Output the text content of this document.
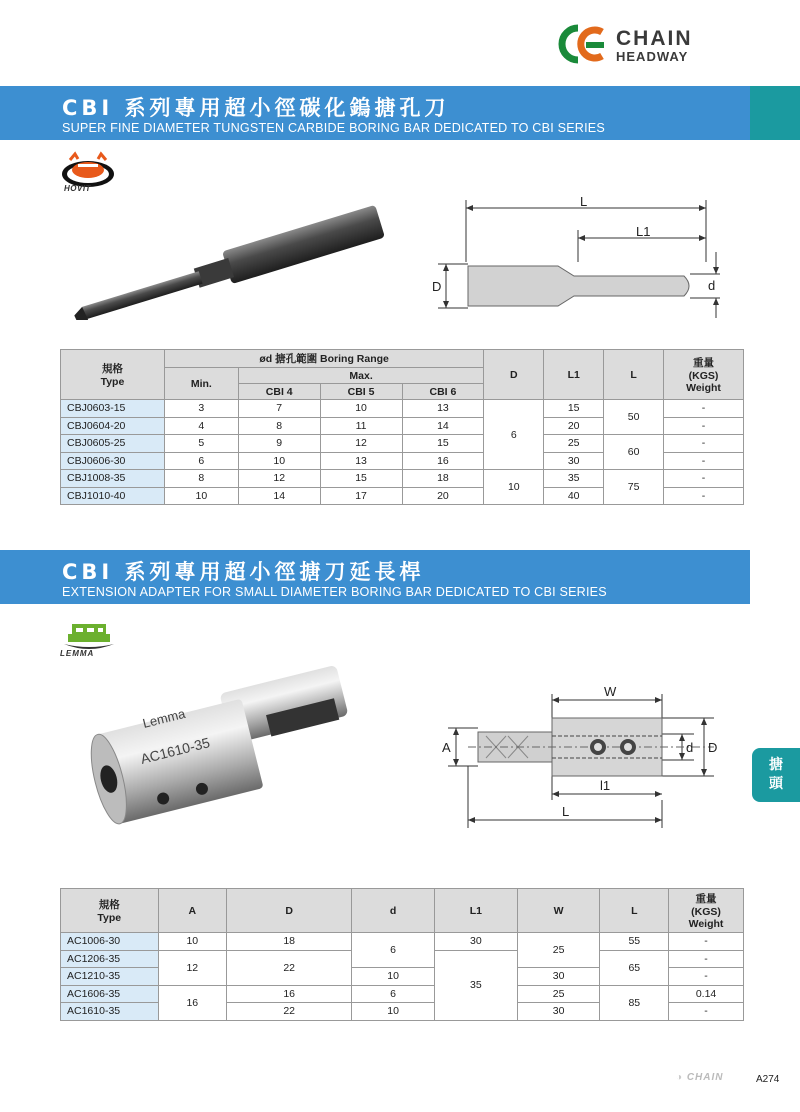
CHAIN
HEADWAY
CBI 系列專用超小徑碳化鎢搪孔刀
SUPER FINE DIAMETER TUNGSTEN CARBIDE BORING BAR DEDICATED TO CBI SERIES
HOVIT
L
L1
D	d
規格
Type	ød 搪孔範圍 Boring Range				D	L1	L	重量
(KGS)
Weight

	Min.	Max.						
		CBI 4	CBI 5	CBI 6				
CBJ0603-15	3	7	10	13	6	15	50	-
CBJ0604-20	4	8	11	14		20		-
CBJ0605-25	5	9	12	15		25	60	-
CBJ0606-30	6	10	13	16		30		-
CBJ1008-35	8	12	15	18	10	35	75	-
CBJ1010-40	10	14	17	20		40		-
CBI 系列專用超小徑搪刀延長桿
EXTENSION ADAPTER FOR SMALL DIAMETER BORING BAR DEDICATED TO CBI SERIES
LEMMA
Lemma
AC1610-35
W
A	d D
l1
L
搪
頭
規格
Type	A	D	d	L1	W	L	重量
(KGS)
Weight

AC1006-30	10	18	6	30	25	55	-
AC1206-35	12	22		35		65	-
AC1210-35			10		30		-
AC1606-35	16	16	6		25	85	0.14
AC1610-35		22	10		30		-
◑ CHAIN	A274
